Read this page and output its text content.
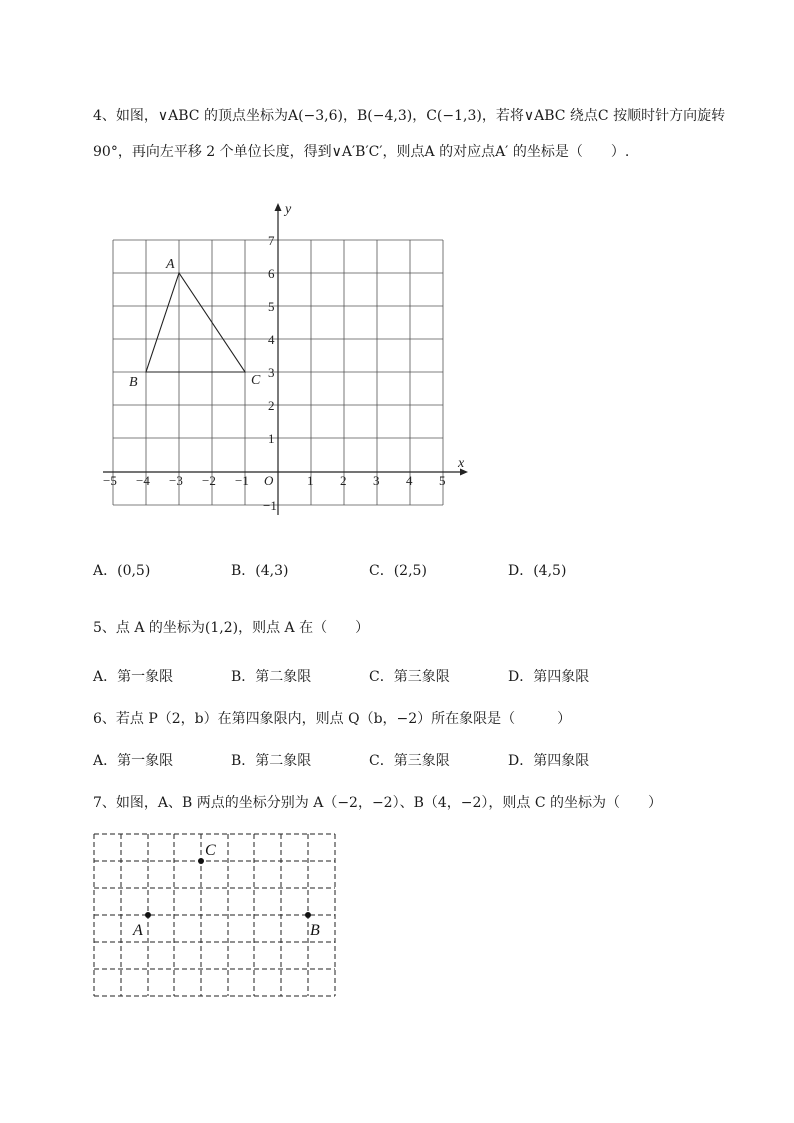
4、如图，∨ABC 的顶点坐标为A(−3,6)，B(−4,3)，C(−1,3)，若将∨ABC 绕点C 按顺时针方向旋转
90°，再向左平移 2 个单位长度，得到∨A′B′C′，则点A 的对应点A′ 的坐标是（　　）.
x
y
O
−5 −4 −3 −2 −1	1 2 3 4 5
−1
1
2
3
4
5
6
7
A
B	C
A．(0,5)	B．(4,3)	C．(2,5)	D．(4,5)
5、点 A 的坐标为(1,2)，则点 A 在（　　）
A．第一象限	B．第二象限	C．第三象限	D．第四象限
6、若点 P（2，b）在第四象限内，则点 Q（b，−2）所在象限是（　　　）
A．第一象限	B．第二象限	C．第三象限	D．第四象限
7、如图，A、B 两点的坐标分别为 A（−2，−2）、B（4，−2），则点 C 的坐标为（　　）
C
A	B
